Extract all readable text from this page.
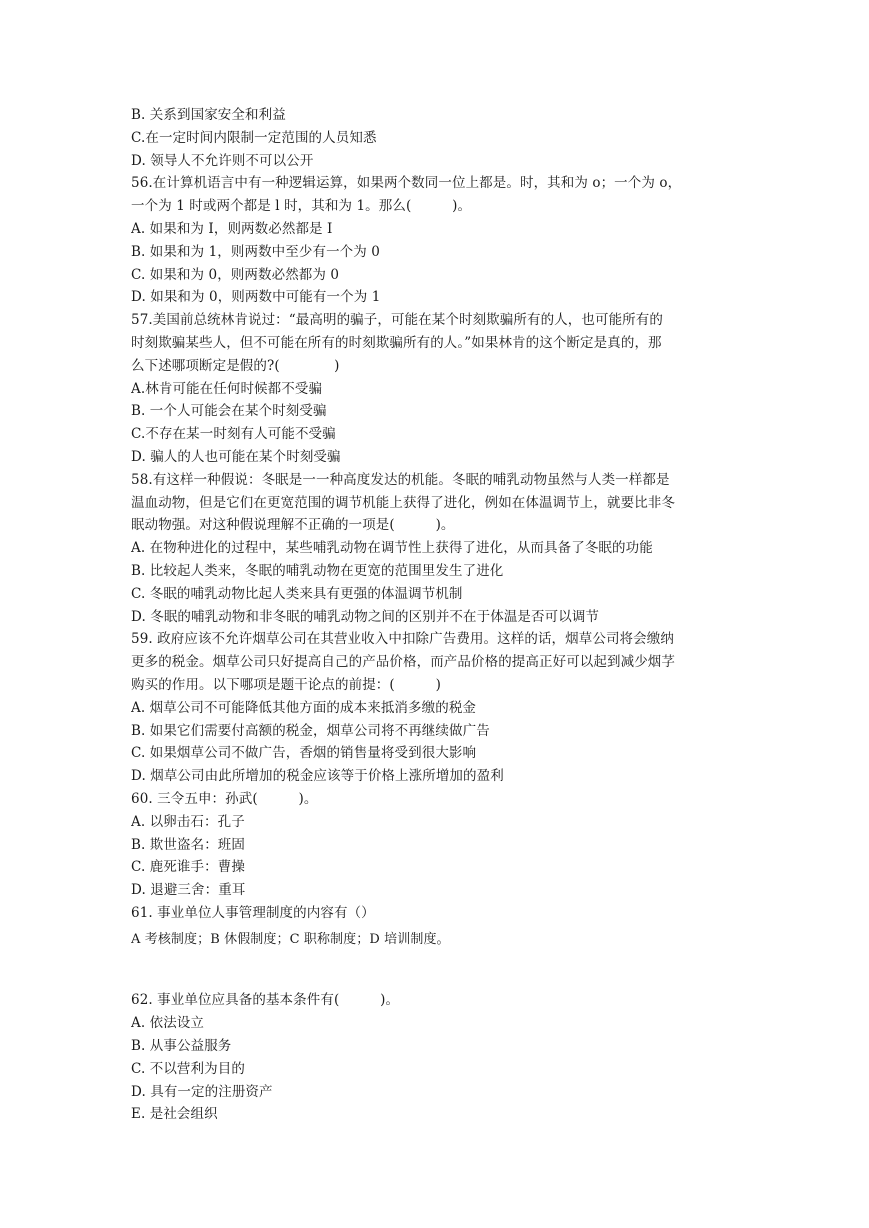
B. 关系到国家安全和利益
C.在一定时间内限制一定范围的人员知悉
D. 领导人不允许则不可以公开
56.在计算机语言中有一种逻辑运算，如果两个数同一位上都是。时，其和为 o；一个为 o，
一个为 1 时或两个都是 l 时，其和为 1。那么(　　　)。
A. 如果和为 I，则两数必然都是 I
B. 如果和为 1，则两数中至少有一个为 0
C. 如果和为 0，则两数必然都为 0
D. 如果和为 0，则两数中可能有一个为 1
57.美国前总统林肯说过：“最高明的骗子，可能在某个时刻欺骗所有的人，也可能所有的
时刻欺骗某些人，但不可能在所有的时刻欺骗所有的人。”如果林肯的这个断定是真的，那
么下述哪项断定是假的?(　　　　)
A.林肯可能在任何时候都不受骗
B. 一个人可能会在某个时刻受骗
C.不存在某一时刻有人可能不受骗
D. 骗人的人也可能在某个时刻受骗
58.有这样一种假说：冬眠是一一种高度发达的机能。冬眠的哺乳动物虽然与人类一样都是
温血动物，但是它们在更宽范围的调节机能上获得了进化，例如在体温调节上，就要比非冬
眠动物强。对这种假说理解不正确的一项是(　　　)。
A. 在物种进化的过程中，某些哺乳动物在调节性上获得了进化，从而具备了冬眠的功能
B. 比较起人类来，冬眠的哺乳动物在更宽的范围里发生了进化
C. 冬眠的哺乳动物比起人类来具有更强的体温调节机制
D. 冬眠的哺乳动物和非冬眠的哺乳动物之间的区别并不在于体温是否可以调节
59. 政府应该不允许烟草公司在其营业收入中扣除广告费用。这样的话，烟草公司将会缴纳
更多的税金。烟草公司只好提高自己的产品价格，而产品价格的提高正好可以起到减少烟芓
购买的作用。以下哪项是题干论点的前提：(　　　)
A. 烟草公司不可能降低其他方面的成本来抵消多缴的税金
B. 如果它们需要付高额的税金，烟草公司将不再继续做广告
C. 如果烟草公司不做广告，香烟的销售量将受到很大影响
D. 烟草公司由此所增加的税金应该等于价格上涨所增加的盈利
60. 三令五申：孙武(　　　)。
A. 以卵击石：孔子
B. 欺世盗名：班固
C. 鹿死谁手：曹操
D. 退避三舍：重耳
61. 事业单位人事管理制度的内容有（）
A 考核制度；B 休假制度；C 职称制度；D 培训制度。
62. 事业单位应具备的基本条件有(　　　)。
A. 依法设立
B. 从事公益服务
C. 不以营利为目的
D. 具有一定的注册资产
E. 是社会组织
